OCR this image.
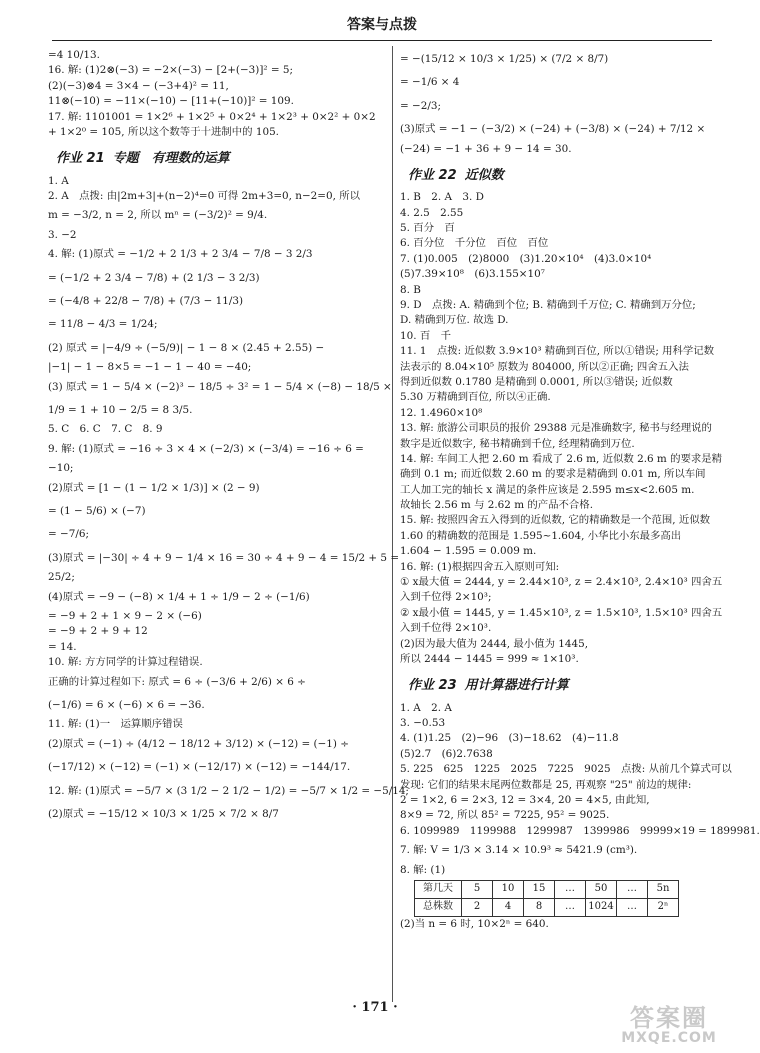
答案与点拨
=4 10/13.
16. 解: (1)2⊗(−3) = −2×(−3) − [2+(−3)]² = 5;
(2)(−3)⊗4 = 3×4 − (−3+4)² = 11,
11⊗(−10) = −11×(−10) − [11+(−10)]² = 109.
17. 解: 1101001 = 1×2⁶ + 1×2⁵ + 0×2⁴ + 1×2³ + 0×2² + 0×2
+ 1×2⁰ = 105, 所以这个数等于十进制中的 105.
作业 21 专题　有理数的运算
1. A
2. A　点拨: 由|2m+3|+(n−2)⁴=0 可得 2m+3=0, n−2=0, 所以
m = −3/2, n = 2, 所以 mⁿ = (−3/2)² = 9/4.
3. −2
4. 解: (1)原式 = −1/2 + 2 1/3 + 2 3/4 − 7/8 − 3 2/3
= (−1/2 + 2 3/4 − 7/8) + (2 1/3 − 3 2/3)
= (−4/8 + 22/8 − 7/8) + (7/3 − 11/3)
= 11/8 − 4/3 = 1/24;
(2) 原式 = |−4/9 ÷ (−5/9)| − 1 − 8 × (2.45 + 2.55) −
|−1| − 1 − 8×5 = −1 − 1 − 40 = −40;
(3) 原式 = 1 − 5/4 × (−2)³ − 18/5 ÷ 3² = 1 − 5/4 × (−8) − 18/5 ×
1/9 = 1 + 10 − 2/5 = 8 3/5.
5. C　6. C　7. C　8. 9
9. 解: (1)原式 = −16 ÷ 3 × 4 × (−2/3) × (−3/4) = −16 ÷ 6 =
−10;
(2)原式 = [1 − (1 − 1/2 × 1/3)] × (2 − 9)
= (1 − 5/6) × (−7)
= −7/6;
(3)原式 = |−30| ÷ 4 + 9 − 1/4 × 16 = 30 ÷ 4 + 9 − 4 = 15/2 + 5 =
25/2;
(4)原式 = −9 − (−8) × 1/4 + 1 ÷ 1/9 − 2 ÷ (−1/6)
= −9 + 2 + 1 × 9 − 2 × (−6)
= −9 + 2 + 9 + 12
= 14.
10. 解: 方方同学的计算过程错误.
正确的计算过程如下: 原式 = 6 ÷ (−3/6 + 2/6) × 6 ÷
(−1/6) = 6 × (−6) × 6 = −36.
11. 解: (1)一　运算顺序错误
(2)原式 = (−1) ÷ (4/12 − 18/12 + 3/12) × (−12) = (−1) ÷
(−17/12) × (−12) = (−1) × (−12/17) × (−12) = −144/17.
12. 解: (1)原式 = −5/7 × (3 1/2 − 2 1/2 − 1/2) = −5/7 × 1/2 = −5/14;
(2)原式 = −15/12 × 10/3 × 1/25 × 7/2 × 8/7
= −(15/12 × 10/3 × 1/25) × (7/2 × 8/7)
= −1/6 × 4
= −2/3;
(3)原式 = −1 − (−3/2) × (−24) + (−3/8) × (−24) + 7/12 ×
(−24) = −1 + 36 + 9 − 14 = 30.
作业 22 近似数
1. B　2. A　3. D
4. 2.5　2.55
5. 百分　百
6. 百分位　千分位　百位　百位
7. (1)0.005　(2)8000　(3)1.20×10⁴　(4)3.0×10⁴
(5)7.39×10⁸　(6)3.155×10⁷
8. B
9. D　点拨: A. 精确到个位; B. 精确到千万位; C. 精确到万分位;
D. 精确到万位. 故选 D.
10. 百　千
11. 1　点拨: 近似数 3.9×10³ 精确到百位, 所以①错误; 用科学记数
法表示的 8.04×10⁵ 原数为 804000, 所以②正确; 四舍五入法
得到近似数 0.1780 是精确到 0.0001, 所以③错误; 近似数
5.30 万精确到百位, 所以④正确.
12. 1.4960×10⁸
13. 解: 旅游公司职员的报价 29388 元是准确数字, 秘书与经理说的
数字是近似数字, 秘书精确到千位, 经理精确到万位.
14. 解: 车间工人把 2.60 m 看成了 2.6 m, 近似数 2.6 m 的要求是精
确到 0.1 m; 而近似数 2.60 m 的要求是精确到 0.01 m, 所以车间
工人加工完的轴长 x 满足的条件应该是 2.595 m≤x<2.605 m.
故轴长 2.56 m 与 2.62 m 的产品不合格.
15. 解: 按照四舍五入得到的近似数, 它的精确数是一个范围, 近似数
1.60 的精确数的范围是 1.595~1.604, 小华比小东最多高出
1.604 − 1.595 = 0.009 m.
16. 解: (1)根据四舍五入原则可知:
① x最大值 = 2444, y = 2.44×10³, z = 2.4×10³, 2.4×10³ 四舍五
入到千位得 2×10³;
② x最小值 = 1445, y = 1.45×10³, z = 1.5×10³, 1.5×10³ 四舍五
入到千位得 2×10³.
(2)因为最大值为 2444, 最小值为 1445,
所以 2444 − 1445 = 999 ≈ 1×10³.
作业 23 用计算器进行计算
1. A　2. A
3. −0.53
4. (1)1.25　(2)−96　(3)−18.62　(4)−11.8
(5)2.7　(6)2.7638
5. 225　625　1225　2025　7225　9025　点拨: 从前几个算式可以
发现: 它们的结果末尾两位数都是 25, 再观察 "25" 前边的规律:
2 = 1×2, 6 = 2×3, 12 = 3×4, 20 = 4×5, 由此知,
8×9 = 72, 所以 85² = 7225, 95² = 9025.
6. 1099989　1199988　1299987　1399986　99999×19 = 1899981.
7. 解: V = 1/3 × 3.14 × 10.9³ ≈ 5421.9 (cm³).
8. 解: (1)
第几天	5	10	15	…	50	…	5n
总株数	2	4	8	…	1024	…	2ⁿ
(2)当 n = 6 时, 10×2ⁿ = 640.
· 171 ·	答案圈
MXQE.COM
